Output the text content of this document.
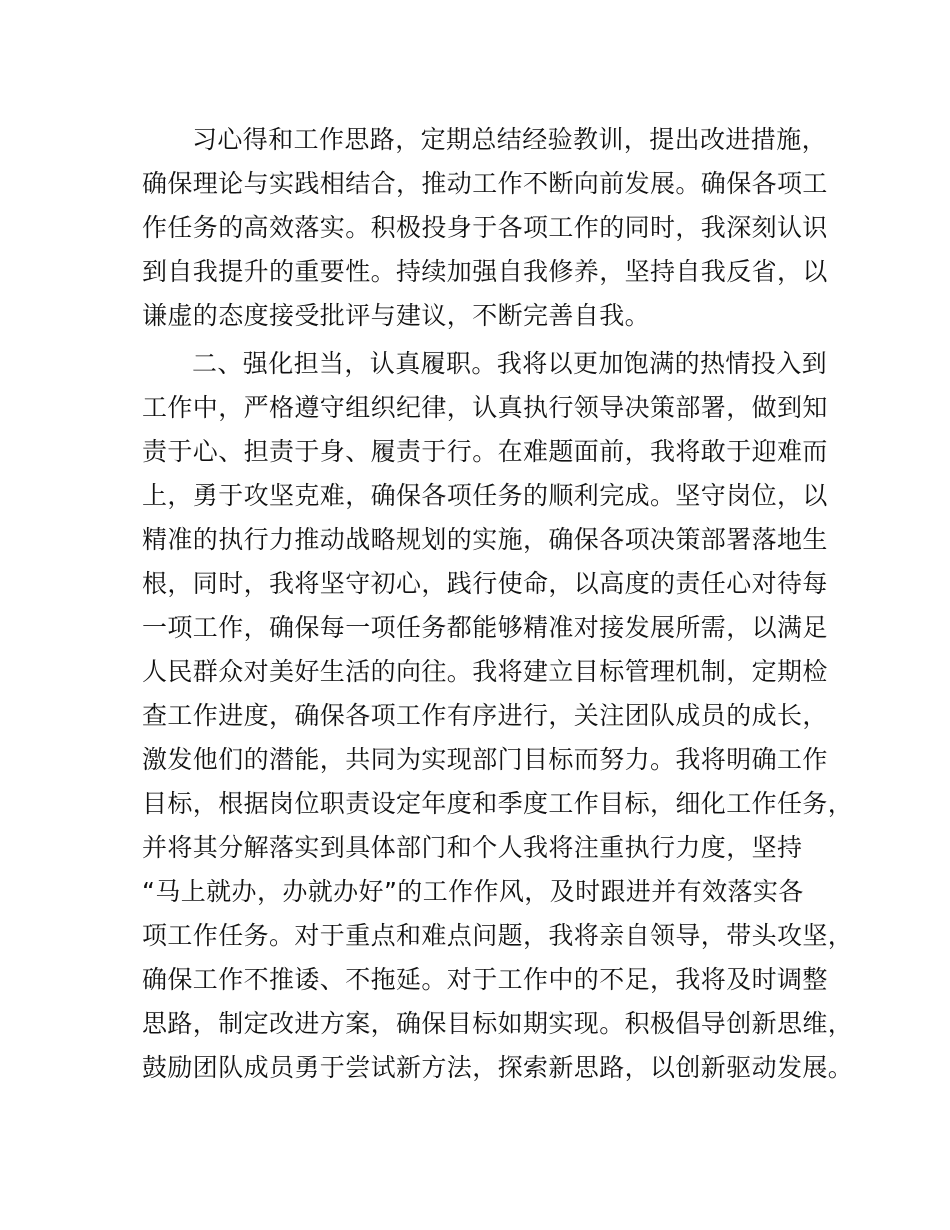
习心得和工作思路，定期总结经验教训，提出改进措施，
确保理论与实践相结合，推动工作不断向前发展。确保各项工
作任务的高效落实。积极投身于各项工作的同时，我深刻认识
到自我提升的重要性。持续加强自我修养，坚持自我反省，以
谦虚的态度接受批评与建议，不断完善自我。
二、强化担当，认真履职。我将以更加饱满的热情投入到
工作中，严格遵守组织纪律，认真执行领导决策部署，做到知
责于心、担责于身、履责于行。在难题面前，我将敢于迎难而
上，勇于攻坚克难，确保各项任务的顺利完成。坚守岗位，以
精准的执行力推动战略规划的实施，确保各项决策部署落地生
根，同时，我将坚守初心，践行使命，以高度的责任心对待每
一项工作，确保每一项任务都能够精准对接发展所需，以满足
人民群众对美好生活的向往。我将建立目标管理机制，定期检
查工作进度，确保各项工作有序进行，关注团队成员的成长，
激发他们的潜能，共同为实现部门目标而努力。我将明确工作
目标，根据岗位职责设定年度和季度工作目标，细化工作任务，
并将其分解落实到具体部门和个人我将注重执行力度，坚持
“马上就办，办就办好”的工作作风，及时跟进并有效落实各
项工作任务。对于重点和难点问题，我将亲自领导，带头攻坚，
确保工作不推诿、不拖延。对于工作中的不足，我将及时调整
思路，制定改进方案，确保目标如期实现。积极倡导创新思维，
鼓励团队成员勇于尝试新方法，探索新思路，以创新驱动发展。
